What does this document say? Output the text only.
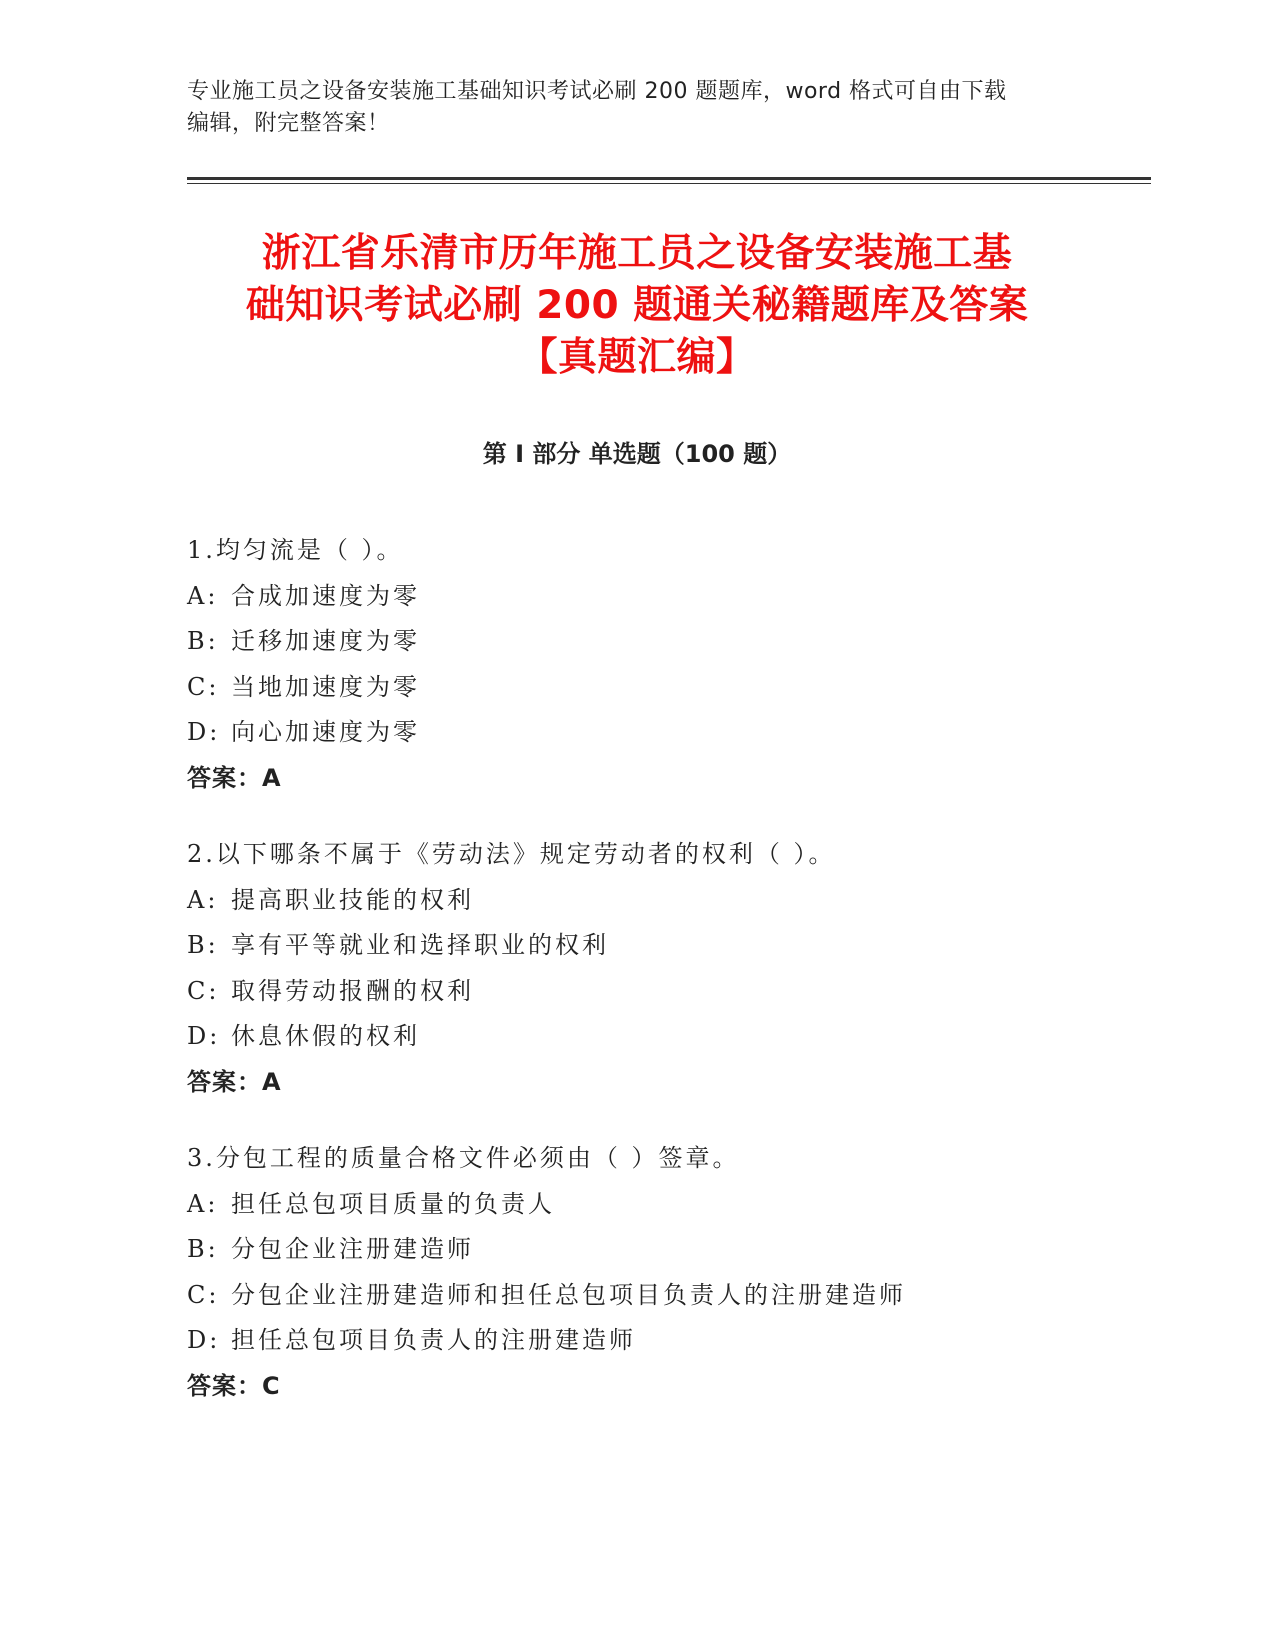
专业施工员之设备安装施工基础知识考试必刷 200 题题库，word 格式可自由下载
编辑，附完整答案！
浙江省乐清市历年施工员之设备安装施工基
础知识考试必刷 200 题通关秘籍题库及答案
【真题汇编】
第 I 部分 单选题（100 题）
1.均匀流是（ ）。
A: 合成加速度为零
B: 迁移加速度为零
C: 当地加速度为零
D: 向心加速度为零
答案：A
2.以下哪条不属于《劳动法》规定劳动者的权利（ ）。
A: 提高职业技能的权利
B: 享有平等就业和选择职业的权利
C: 取得劳动报酬的权利
D: 休息休假的权利
答案：A
3.分包工程的质量合格文件必须由（ ）签章。
A: 担任总包项目质量的负责人
B: 分包企业注册建造师
C: 分包企业注册建造师和担任总包项目负责人的注册建造师
D: 担任总包项目负责人的注册建造师
答案：C
